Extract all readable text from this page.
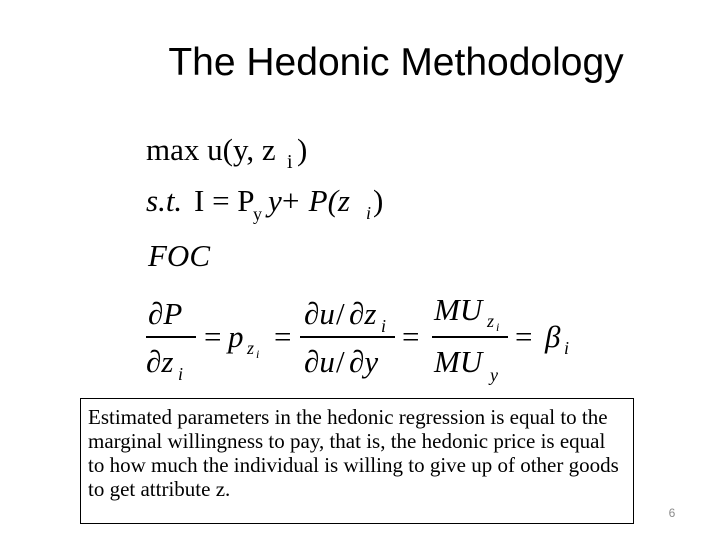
The Hedonic Methodology
max u(y, z i )
s.t. I = P
y y
+ P(z i )
FOC
∂P
∂z i
= p z i =
∂u / ∂z i
∂u / ∂y
=
MU z i
MU y
= β i
Estimated parameters in the hedonic regression is equal to the marginal willingness to pay, that is, the hedonic price is equal to how much the individual is willing to give up of other goods to get attribute z.
6
